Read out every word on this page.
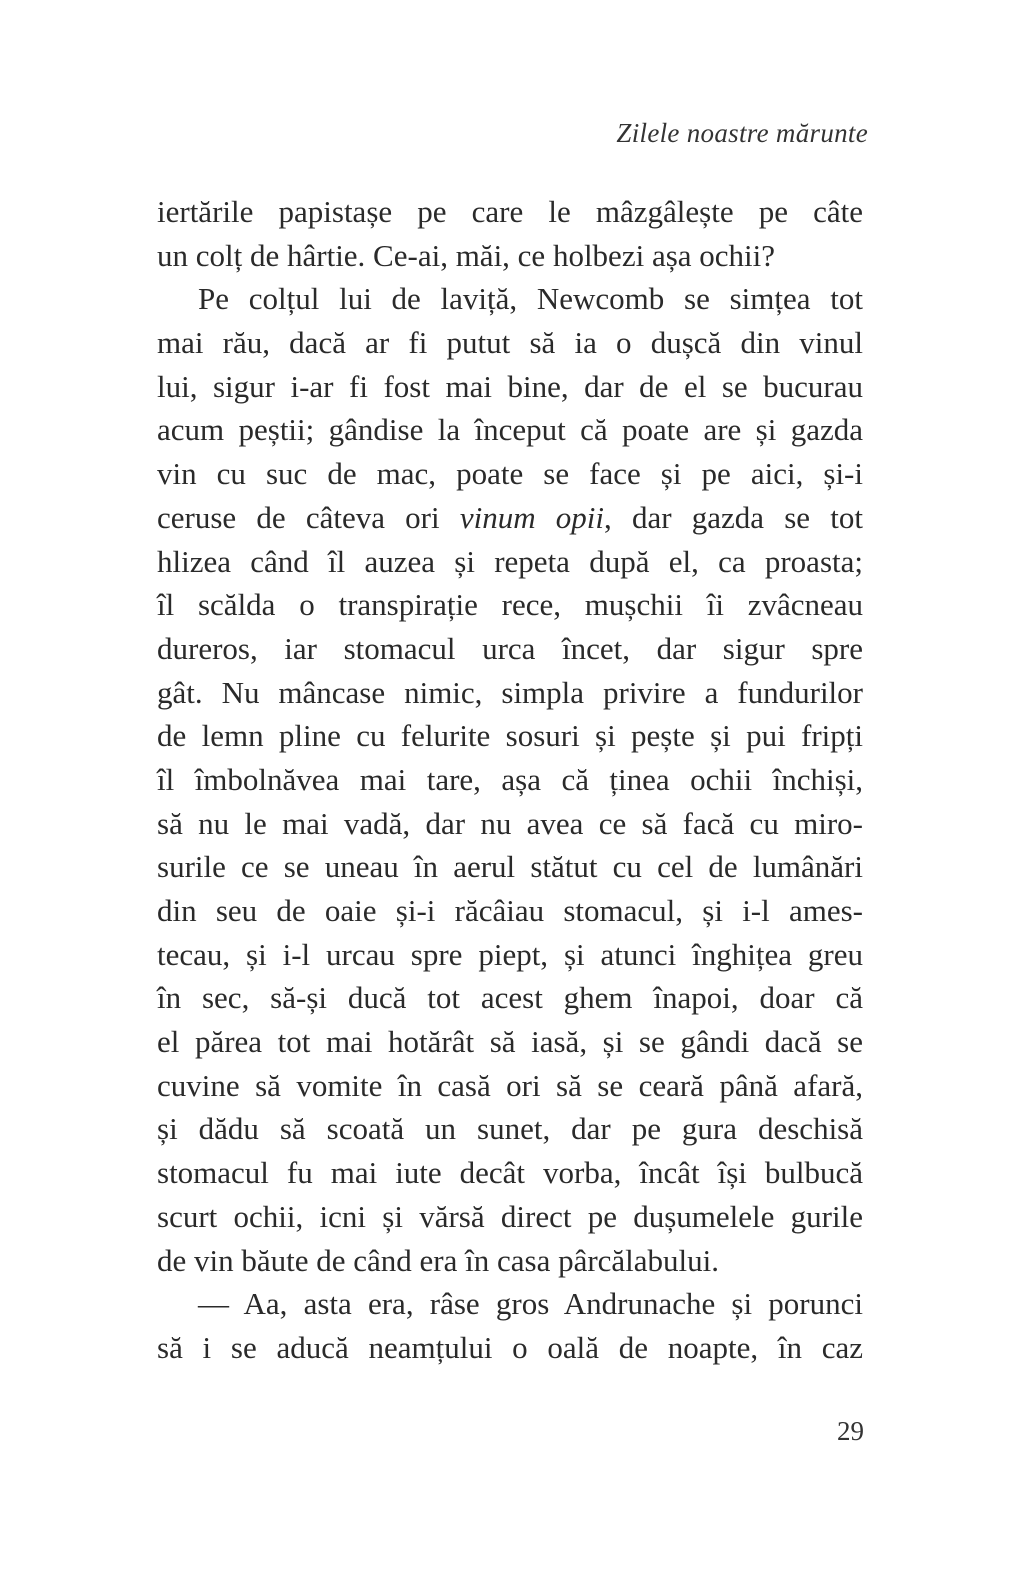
Zilele noastre mărunte
iertările papistașe pe care le mâzgâlește pe câte
un colț de hârtie. Ce-ai, măi, ce holbezi așa ochii?
Pe colțul lui de laviță, Newcomb se simțea tot
mai rău, dacă ar fi putut să ia o dușcă din vinul
lui, sigur i-ar fi fost mai bine, dar de el se bucurau
acum peștii; gândise la început că poate are și gazda
vin cu suc de mac, poate se face și pe aici, și-i
ceruse de câteva ori vinum opii, dar gazda se tot
hlizea când îl auzea și repeta după el, ca proasta;
îl scălda o transpirație rece, mușchii îi zvâcneau
dureros, iar stomacul urca încet, dar sigur spre
gât. Nu mâncase nimic, simpla privire a fundurilor
de lemn pline cu felurite sosuri și pește și pui fripți
îl îmbolnăvea mai tare, așa că ținea ochii închiși,
să nu le mai vadă, dar nu avea ce să facă cu miro-
surile ce se uneau în aerul stătut cu cel de lumânări
din seu de oaie și-i răcâiau stomacul, și i-l ames-
tecau, și i-l urcau spre piept, și atunci înghițea greu
în sec, să-și ducă tot acest ghem înapoi, doar că
el părea tot mai hotărât să iasă, și se gândi dacă se
cuvine să vomite în casă ori să se ceară până afară,
și dădu să scoată un sunet, dar pe gura deschisă
stomacul fu mai iute decât vorba, încât își bulbucă
scurt ochii, icni și vărsă direct pe dușumelele gurile
de vin băute de când era în casa pârcălabului.
— Aa, asta era, râse gros Andrunache și porunci
să i se aducă neamțului o oală de noapte, în caz
29
